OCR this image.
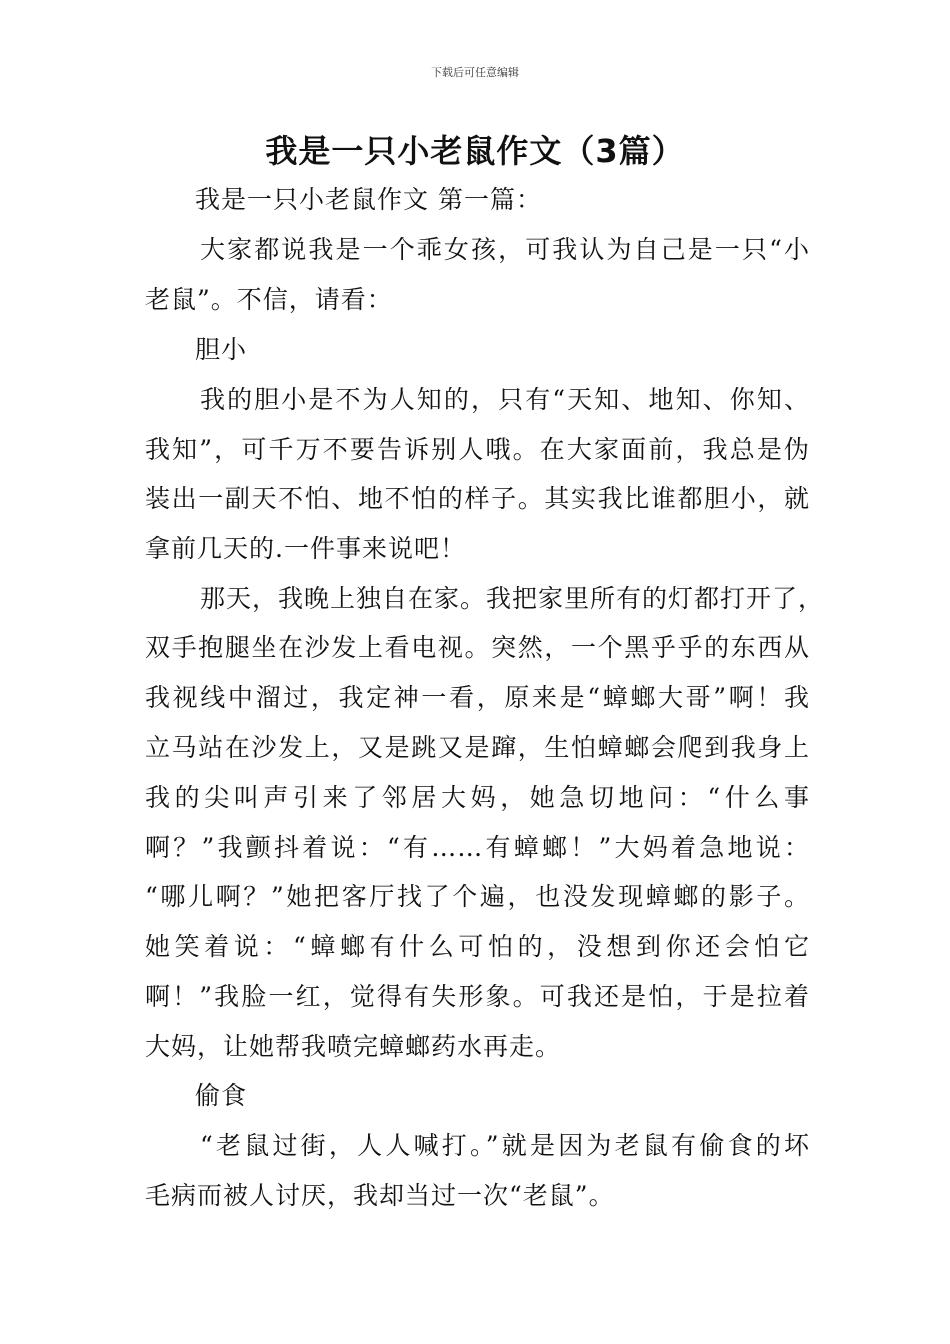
下载后可任意编辑
我是一只小老鼠作文（3篇）
我是一只小老鼠作文 第一篇：
大家都说我是一个乖女孩，可我认为自己是一只“小
老鼠”。不信，请看：
胆小
我的胆小是不为人知的，只有“天知、地知、你知、
我知”，可千万不要告诉别人哦。在大家面前，我总是伪
装出一副天不怕、地不怕的样子。其实我比谁都胆小，就
拿前几天的.一件事来说吧！
那天，我晚上独自在家。我把家里所有的灯都打开了，
双手抱腿坐在沙发上看电视。突然，一个黑乎乎的东西从
我视线中溜过，我定神一看，原来是“蟑螂大哥”啊！我
立马站在沙发上，又是跳又是蹿，生怕蟑螂会爬到我身上
我的尖叫声引来了邻居大妈，她急切地问：“什么事
啊？”我颤抖着说：“有……有蟑螂！”大妈着急地说：
“哪儿啊？”她把客厅找了个遍，也没发现蟑螂的影子。
她笑着说：“蟑螂有什么可怕的，没想到你还会怕它
啊！”我脸一红，觉得有失形象。可我还是怕，于是拉着
大妈，让她帮我喷完蟑螂药水再走。
偷食
“老鼠过街，人人喊打。”就是因为老鼠有偷食的坏
毛病而被人讨厌，我却当过一次“老鼠”。
